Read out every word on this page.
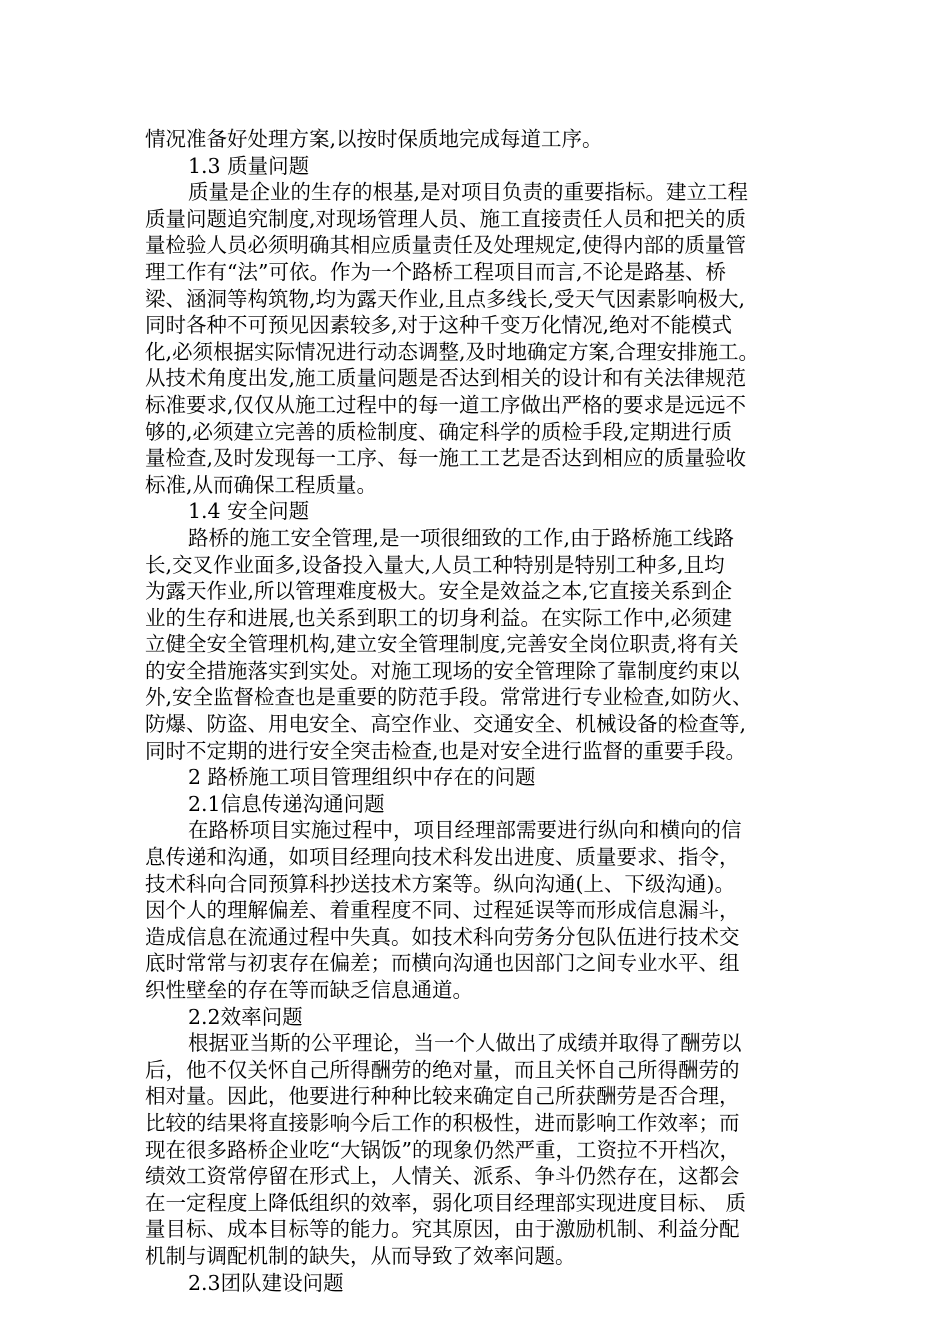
情况准备好处理方案,以按时保质地完成每道工序。
1.3 质量问题
质量是企业的生存的根基,是对项目负责的重要指标。建立工程
质量问题追究制度,对现场管理人员、施工直接责任人员和把关的质
量检验人员必须明确其相应质量责任及处理规定,使得内部的质量管
理工作有“法”可依。作为一个路桥工程项目而言,不论是路基、桥
梁、涵洞等构筑物,均为露天作业,且点多线长,受天气因素影响极大,
同时各种不可预见因素较多,对于这种千变万化情况,绝对不能模式
化,必须根据实际情况进行动态调整,及时地确定方案,合理安排施工。
从技术角度出发,施工质量问题是否达到相关的设计和有关法律规范
标准要求,仅仅从施工过程中的每一道工序做出严格的要求是远远不
够的,必须建立完善的质检制度、确定科学的质检手段,定期进行质
量检查,及时发现每一工序、每一施工工艺是否达到相应的质量验收
标准,从而确保工程质量。
1.4 安全问题
路桥的施工安全管理,是一项很细致的工作,由于路桥施工线路
长,交叉作业面多,设备投入量大,人员工种特别是特别工种多,且均
为露天作业,所以管理难度极大。安全是效益之本,它直接关系到企
业的生存和进展,也关系到职工的切身利益。在实际工作中,必须建
立健全安全管理机构,建立安全管理制度,完善安全岗位职责,将有关
的安全措施落实到实处。对施工现场的安全管理除了靠制度约束以
外,安全监督检查也是重要的防范手段。常常进行专业检查,如防火、
防爆、防盗、用电安全、高空作业、交通安全、机械设备的检查等,
同时不定期的进行安全突击检查,也是对安全进行监督的重要手段。
2 路桥施工项目管理组织中存在的问题
2.1信息传递沟通问题
在路桥项目实施过程中，项目经理部需要进行纵向和横向的信
息传递和沟通，如项目经理向技术科发出进度、质量要求、指令，
技术科向合同预算科抄送技术方案等。纵向沟通(上、下级沟通)。
因个人的理解偏差、着重程度不同、过程延误等而形成信息漏斗，
造成信息在流通过程中失真。如技术科向劳务分包队伍进行技术交
底时常常与初衷存在偏差；而横向沟通也因部门之间专业水平、组
织性壁垒的存在等而缺乏信息通道。
2.2效率问题
根据亚当斯的公平理论，当一个人做出了成绩并取得了酬劳以
后，他不仅关怀自己所得酬劳的绝对量，而且关怀自己所得酬劳的
相对量。因此，他要进行种种比较来确定自己所获酬劳是否合理，
比较的结果将直接影响今后工作的积极性，进而影响工作效率；而
现在很多路桥企业吃“大锅饭”的现象仍然严重，工资拉不开档次，
绩效工资常停留在形式上，人情关、派系、争斗仍然存在，这都会
在一定程度上降低组织的效率，弱化项目经理部实现进度目标、 质
量目标、成本目标等的能力。究其原因，由于激励机制、利益分配
机制与调配机制的缺失，从而导致了效率问题。
2.3团队建设问题
